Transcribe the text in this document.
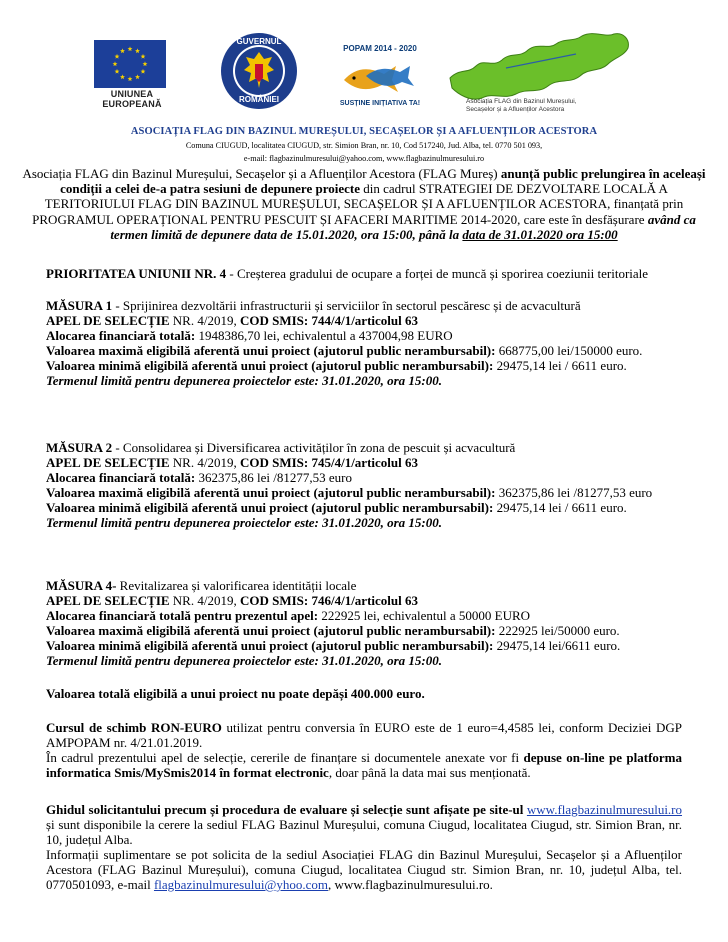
UNIUNEA EUROPEANĂ
GUVERNUL
ROMÂNIEI
POPAM 2014 - 2020
SUSȚINE INIȚIATIVA TA!	Asociația FLAG din Bazinul Mureșului,
Secașelor și a Afluenților Acestora
ASOCIAȚIA FLAG DIN BAZINUL MUREȘULUI, SECAȘELOR ȘI A AFLUENȚILOR ACESTORA
Comuna CIUGUD, localitatea CIUGUD, str. Simion Bran, nr. 10, Cod 517240, Jud. Alba, tel. 0770 501 093,
e-mail: flagbazinulmuresului@yahoo.com, www.flagbazinulmuresului.ro
Asociația FLAG din Bazinul Mureșului, Secașelor și a Afluenților Acestora (FLAG Mureș) anunță public prelungirea în aceleași condiții a celei de-a patra sesiuni de depunere proiecte din cadrul STRATEGIEI DE DEZVOLTARE LOCALĂ A TERITORIULUI FLAG DIN BAZINUL MUREȘULUI, SECAȘELOR ȘI A AFLUENȚILOR ACESTORA, finanțată prin PROGRAMUL OPERAȚIONAL PENTRU PESCUIT ȘI AFACERI MARITIME 2014-2020, care este în desfășurare având ca termen limită de depunere data de 15.01.2020, ora 15:00, până la data de 31.01.2020 ora 15:00
PRIORITATEA UNIUNII NR. 4 - Creșterea gradului de ocupare a forței de muncă și sporirea coeziunii teritoriale

MĂSURA 1 - Sprijinirea dezvoltării infrastructurii și serviciilor în sectorul pescăresc și de acvacultură

APEL DE SELECȚIE NR. 4/2019, COD SMIS: 744/4/1/articolul 63

Alocarea financiară totală: 1948386,70 lei, echivalentul a 437004,98 EURO

Valoarea maximă eligibilă aferentă unui proiect (ajutorul public nerambursabil): 668775,00 lei/150000 euro.

Valoarea minimă eligibilă aferentă unui proiect (ajutorul public nerambursabil): 29475,14 lei / 6611 euro.

Termenul limită pentru depunerea proiectelor este: 31.01.2020, ora 15:00.

MĂSURA 2 - Consolidarea și Diversificarea activităților în zona de pescuit și acvacultură

APEL DE SELECȚIE NR. 4/2019, COD SMIS: 745/4/1/articolul 63

Alocarea financiară totală: 362375,86 lei /81277,53 euro

Valoarea maximă eligibilă aferentă unui proiect (ajutorul public nerambursabil): 362375,86 lei /81277,53 euro

Valoarea minimă eligibilă aferentă unui proiect (ajutorul public nerambursabil): 29475,14 lei / 6611 euro.

Termenul limită pentru depunerea proiectelor este: 31.01.2020, ora 15:00.

MĂSURA 4- Revitalizarea și valorificarea identității locale

APEL DE SELECȚIE NR. 4/2019, COD SMIS: 746/4/1/articolul 63

Alocarea financiară totală pentru prezentul apel: 222925 lei, echivalentul a 50000 EURO

Valoarea maximă eligibilă aferentă unui proiect (ajutorul public nerambursabil): 222925 lei/50000 euro.

Valoarea minimă eligibilă aferentă unui proiect (ajutorul public nerambursabil): 29475,14 lei/6611 euro.

Termenul limită pentru depunerea proiectelor este: 31.01.2020, ora 15:00.

Valoarea totală eligibilă a unui proiect nu poate depăși 400.000 euro.

Cursul de schimb RON-EURO utilizat pentru conversia în EURO este de 1 euro=4,4585 lei, conform Deciziei DGP AMPOPAM nr. 4/21.01.2019.

În cadrul prezentului apel de selecție, cererile de finanțare si documentele anexate vor fi depuse on-line pe platforma informatica Smis/MySmis2014 în format electronic, doar până la data mai sus menționată.

Ghidul solicitantului precum și procedura de evaluare și selecție sunt afișate pe site-ul www.flagbazinulmuresului.ro și sunt disponibile la cerere la sediul FLAG Bazinul Mureșului, comuna Ciugud, localitatea Ciugud, str. Simion Bran, nr. 10, județul Alba.

Informații suplimentare se pot solicita de la sediul Asociației FLAG din Bazinul Mureșului, Secașelor și a Afluenților Acestora (FLAG Bazinul Mureșului), comuna Ciugud, localitatea Ciugud str. Simion Bran, nr. 10, județul Alba, tel. 0770501093, e-mail flagbazinulmuresului@yhoo.com, www.flagbazinulmuresului.ro.
